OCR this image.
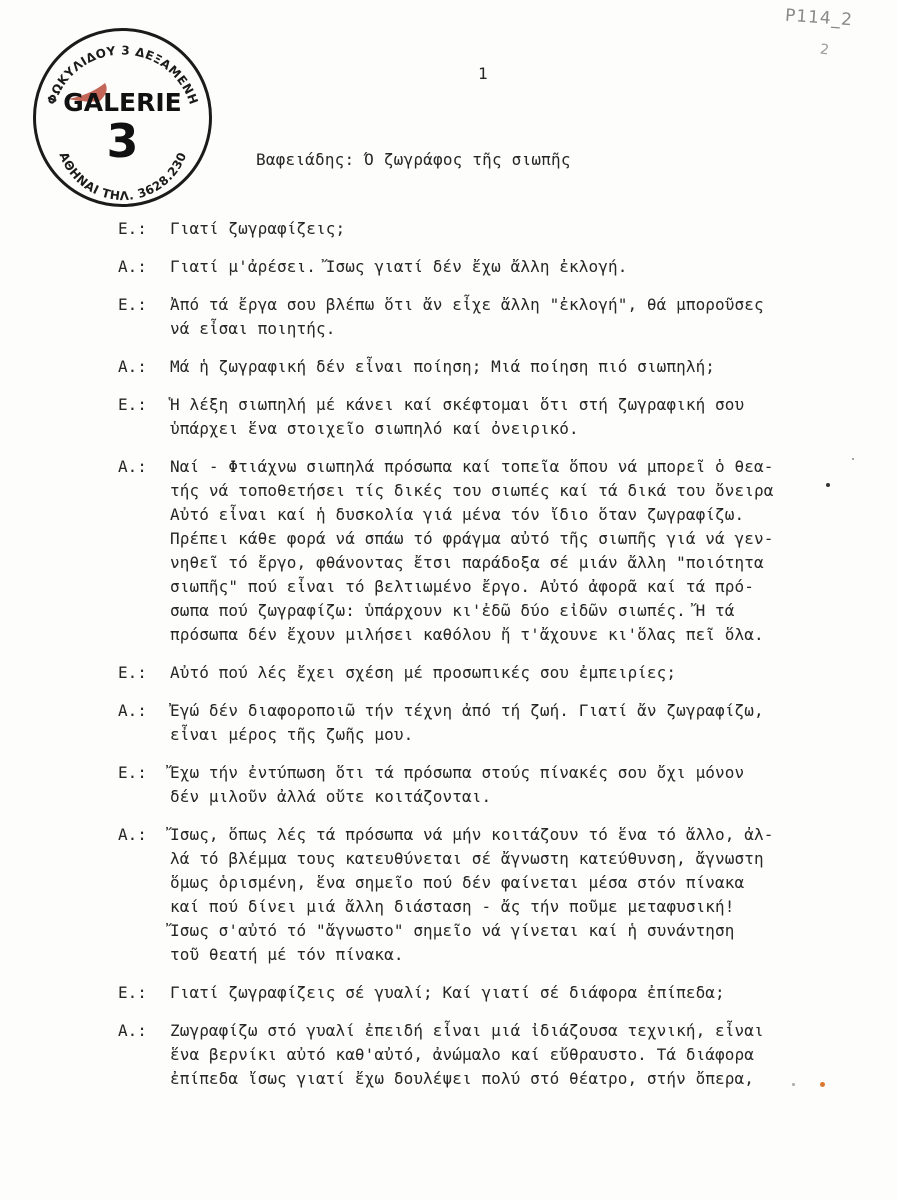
ΦΩΚΥΛΙΔΟΥ 3 ΔΕΞΑΜΕΝΗ
ΑΘΗΝΑΙ ΤΗΛ. 3628.230
GALERIE
3
P114_2
2
1
Βαφειάδης: Ό ζωγράφος τῆς σιωπῆς
Ε.:	Γιατί ζωγραφίζεις;
Α.:	Γιατί μ'ἀρέσει. Ἴσως γιατί δέν ἔχω ἄλλη ἐκλογή.
Ε.:	Ἀπό τά ἔργα σου βλέπω ὅτι ἄν εἶχε ἄλλη "ἐκλογή", θά μποροῦσες
νά εἶσαι ποιητής.
Α.:	Μά ἡ ζωγραφική δέν εἶναι ποίηση; Μιά ποίηση πιό σιωπηλή;
Ε.:	Ἡ λέξη σιωπηλή μέ κάνει καί σκέφτομαι ὅτι στή ζωγραφική σου
ὑπάρχει ἕνα στοιχεῖο σιωπηλό καί ὀνειρικό.
Α.:	Ναί - Φτιάχνω σιωπηλά πρόσωπα καί τοπεῖα ὅπου νά μπορεῖ ὁ θεα-
τής νά τοποθετήσει τίς δικές του σιωπές καί τά δικά του ὄνειρα
Αὐτό εἶναι καί ἡ δυσκολία γιά μένα τόν ἴδιο ὅταν ζωγραφίζω.
Πρέπει κάθε φορά νά σπάω τό φράγμα αὐτό τῆς σιωπῆς γιά νά γεν-
νηθεῖ τό ἔργο, φθάνοντας ἔτσι παράδοξα σέ μιάν ἄλλη "ποιότητα
σιωπῆς" πού εἶναι τό βελτιωμένο ἔργο. Αὐτό ἀφορᾶ καί τά πρό-
σωπα πού ζωγραφίζω: ὑπάρχουν κι'ἐδῶ δύο εἰδῶν σιωπές. Ἤ τά
πρόσωπα δέν ἔχουν μιλήσει καθόλου ἤ τ'ἄχουνε κι'ὅλας πεῖ ὅλα.
Ε.:	Αὐτό πού λές ἔχει σχέση μέ προσωπικές σου ἐμπειρίες;
Α.:	Ἐγώ δέν διαφοροποιῶ τήν τέχνη ἀπό τή ζωή. Γιατί ἄν ζωγραφίζω,
εἶναι μέρος τῆς ζωῆς μου.
Ε.:	Ἔχω τήν ἐντύπωση ὅτι τά πρόσωπα στούς πίνακές σου ὄχι μόνον
δέν μιλοῦν ἀλλά οὔτε κοιτάζονται.
Α.:	Ἴσως, ὅπως λές τά πρόσωπα νά μήν κοιτάζουν τό ἕνα τό ἄλλο, ἀλ-
λά τό βλέμμα τους κατευθύνεται σέ ἄγνωστη κατεύθυνση, ἄγνωστη
ὅμως ὁρισμένη, ἕνα σημεῖο πού δέν φαίνεται μέσα στόν πίνακα
καί πού δίνει μιά ἄλλη διάσταση - ἄς τήν ποῦμε μεταφυσική!
Ἴσως σ'αὐτό τό "ἄγνωστο" σημεῖο νά γίνεται καί ἡ συνάντηση
τοῦ θεατή μέ τόν πίνακα.
Ε.:	Γιατί ζωγραφίζεις σέ γυαλί; Καί γιατί σέ διάφορα ἐπίπεδα;
Α.:	Ζωγραφίζω στό γυαλί ἐπειδή εἶναι μιά ἰδιάζουσα τεχνική, εἶναι
ἕνα βερνίκι αὐτό καθ'αὐτό, ἀνώμαλο καί εὔθραυστο. Τά διάφορα
ἐπίπεδα ἴσως γιατί ἔχω δουλέψει πολύ στό θέατρο, στήν ὄπερα,
